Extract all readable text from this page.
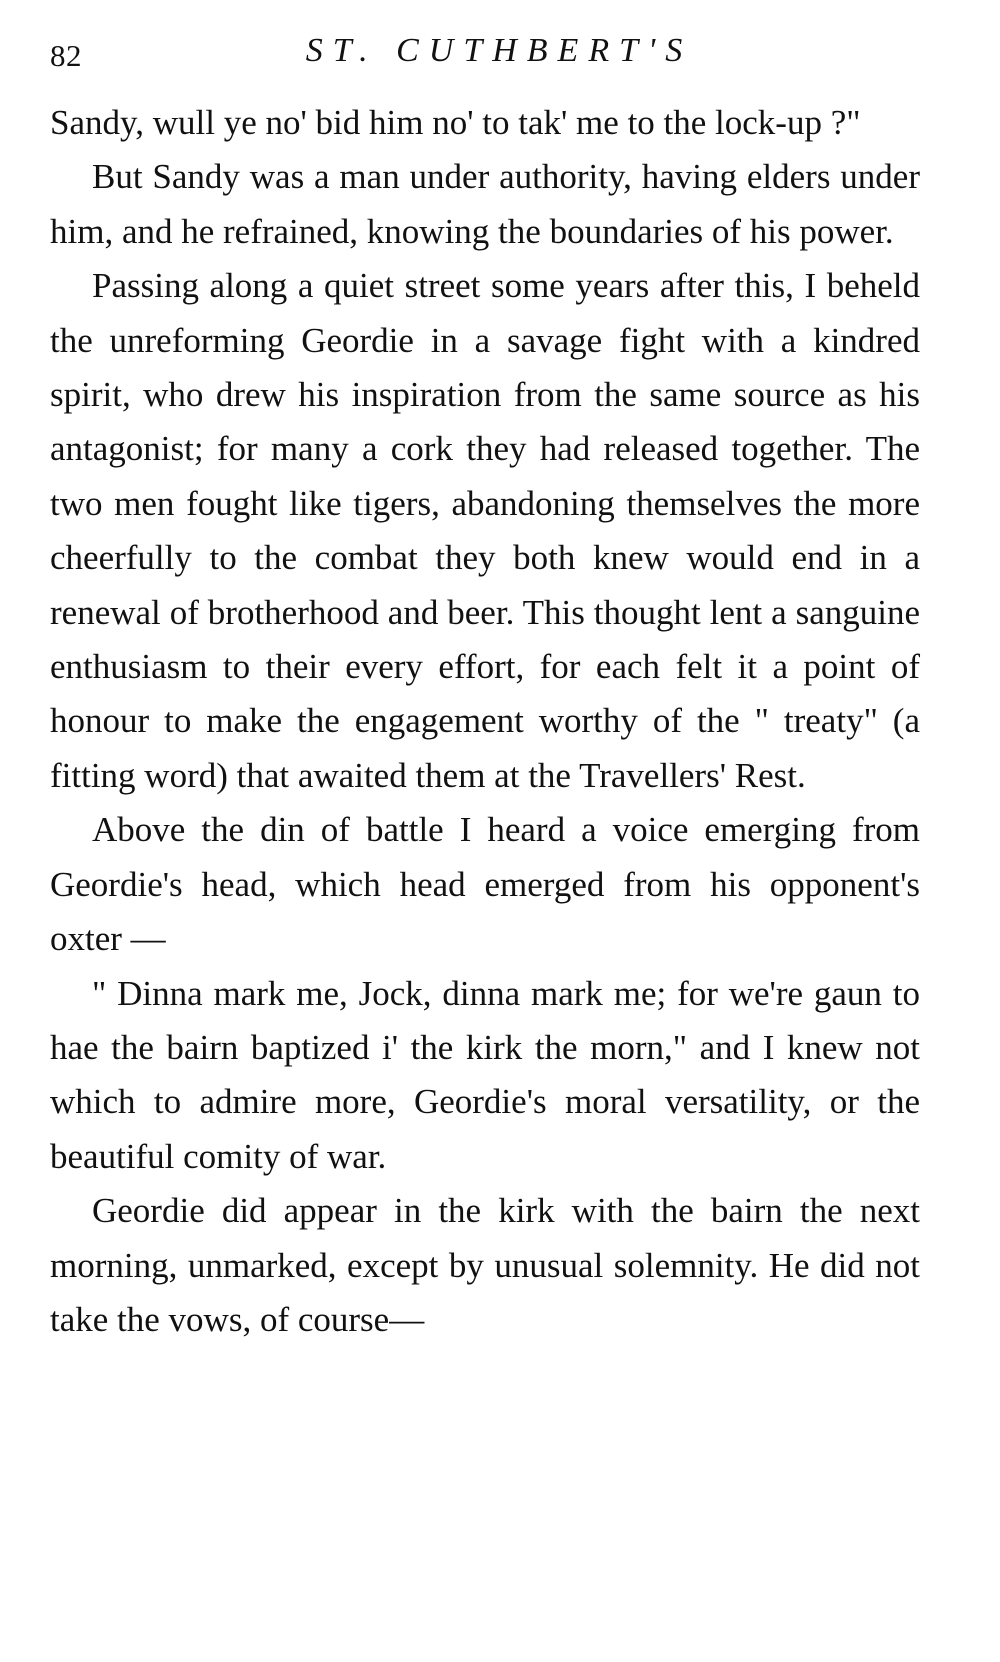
82	ST. CUTHBERT'S

Sandy, wull ye no' bid him no' to tak' me to the lock-up ?"

But Sandy was a man under authority, having elders under him, and he refrained, knowing the boundaries of his power.

Passing along a quiet street some years after this, I beheld the unreforming Geordie in a savage fight with a kindred spirit, who drew his inspiration from the same source as his antagonist; for many a cork they had released together. The two men fought like tigers, abandoning themselves the more cheerfully to the combat they both knew would end in a renewal of brotherhood and beer. This thought lent a sanguine enthusiasm to their every effort, for each felt it a point of honour to make the engagement worthy of the " treaty" (a fitting word) that awaited them at the Travellers' Rest.

Above the din of battle I heard a voice emerging from Geordie's head, which head emerged from his opponent's oxter —

" Dinna mark me, Jock, dinna mark me; for we're gaun to hae the bairn baptized i' the kirk the morn," and I knew not which to admire more, Geordie's moral versatility, or the beautiful comity of war.

Geordie did appear in the kirk with the bairn the next morning, unmarked, except by unusual solemnity. He did not take the vows, of course—
